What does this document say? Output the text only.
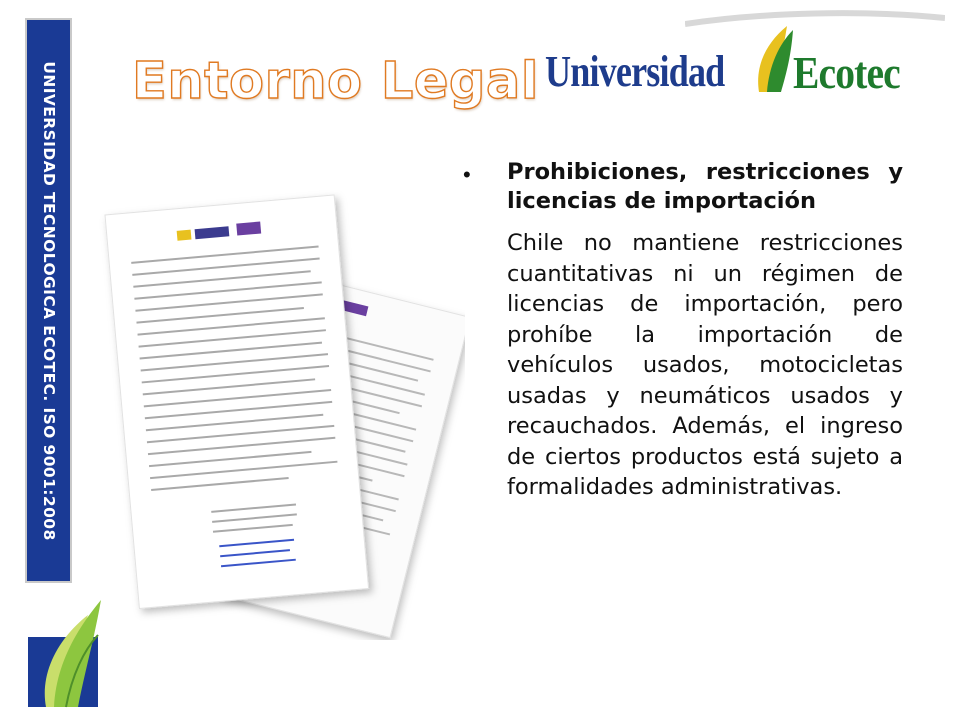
UNIVERSIDAD TECNOLOGICA ECOTEC. ISO 9001:2008 Entorno Legal Universidad Ecotec
• Prohibiciones, restricciones y licencias de importación

Chile no mantiene restricciones cuantitativas ni un régimen de licencias de importación, pero prohíbe la importación de vehículos usados, motocicletas usadas y neumáticos usados y recauchados. Además, el ingreso de ciertos productos está sujeto a formalidades administrativas.
